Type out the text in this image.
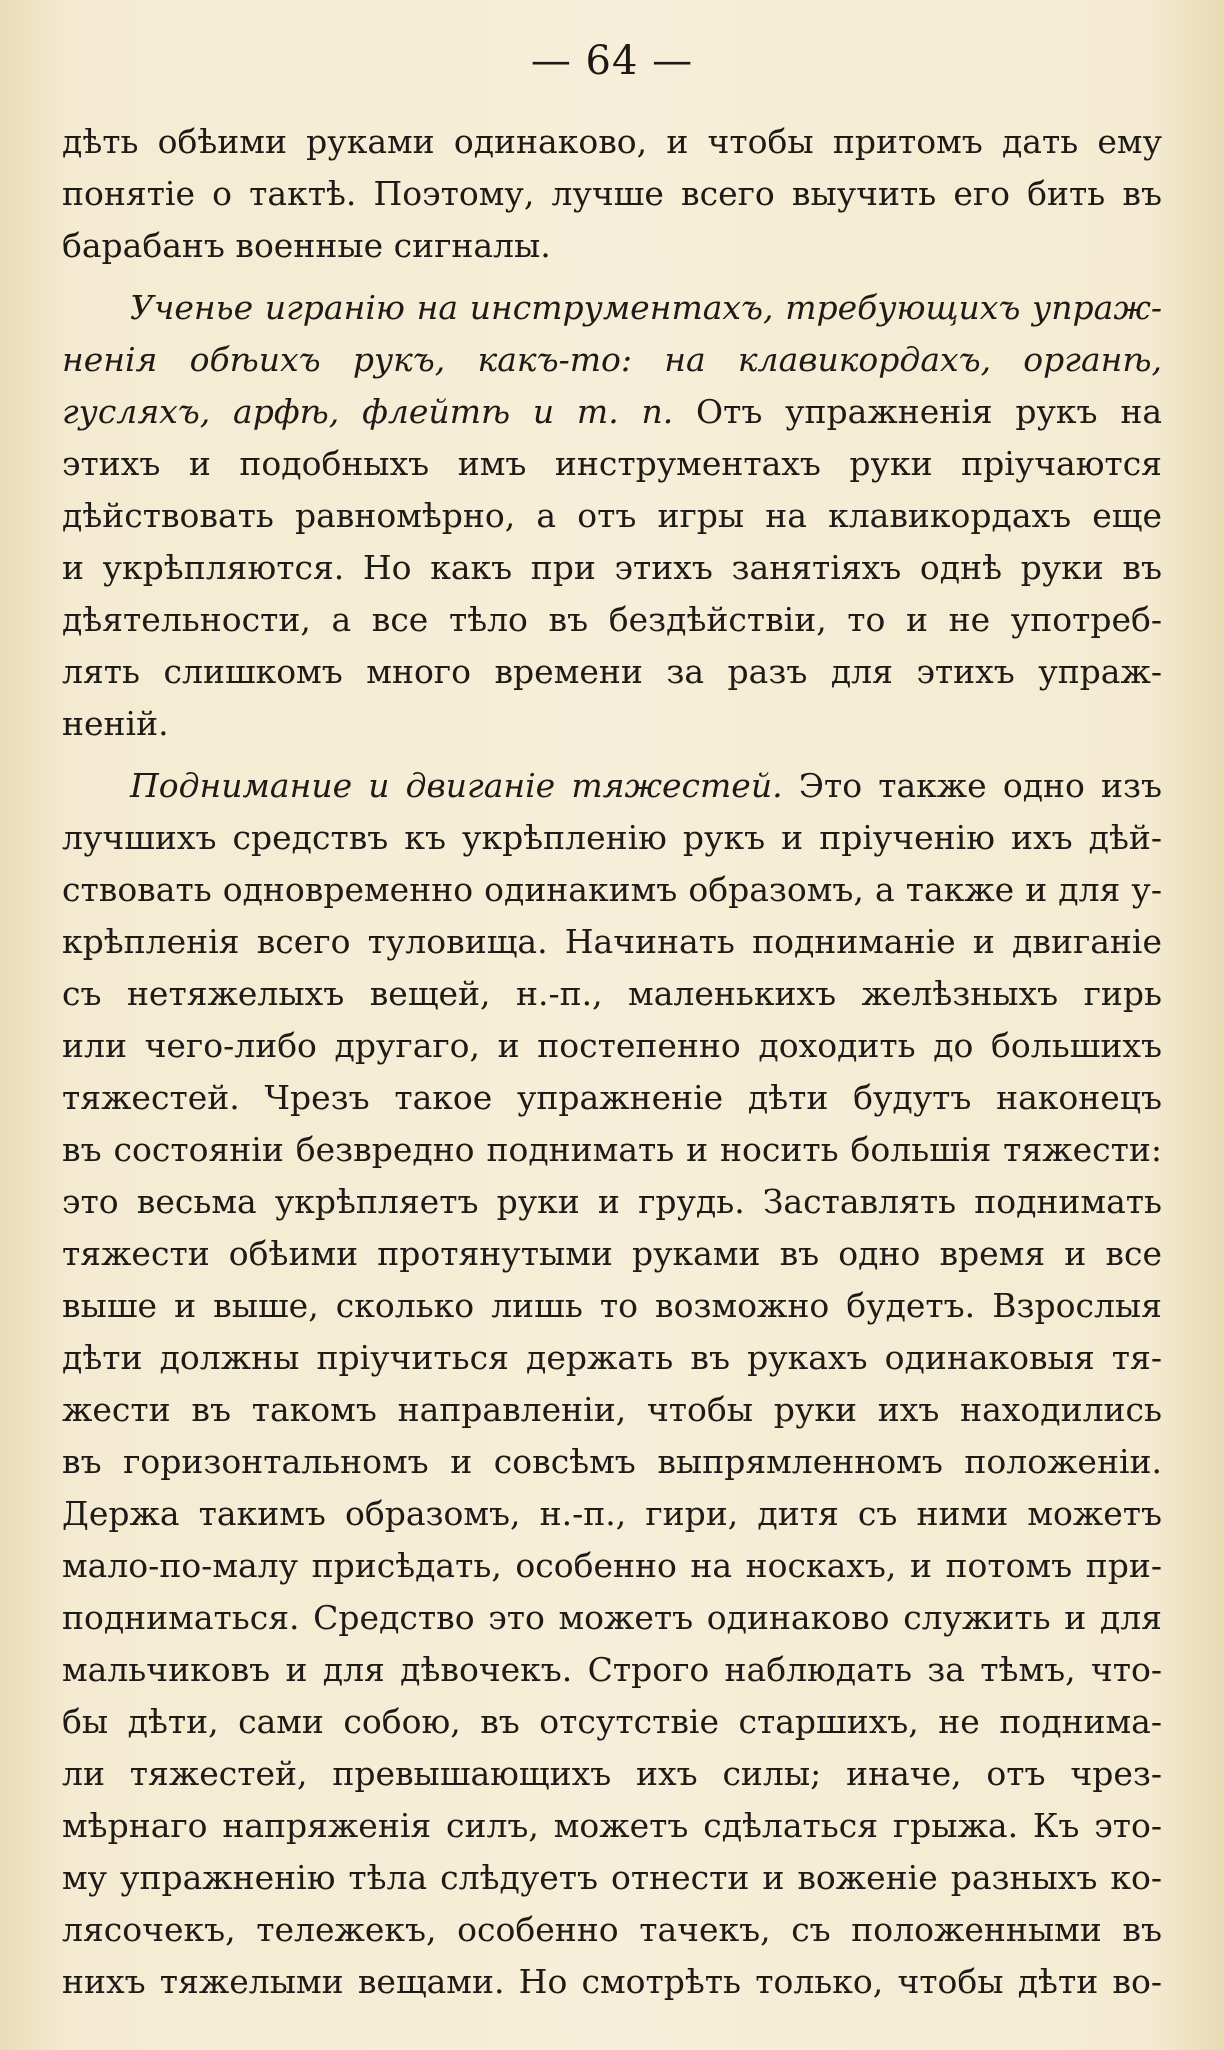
— 64 —
дѣть обѣими руками одинаково, и чтобы притомъ дать ему
понятіе о тактѣ. Поэтому, лучше всего выучить его бить въ
барабанъ военные сигналы.
Ученье игранію на инструментахъ, требующихъ упраж-
ненія обѣихъ рукъ, какъ-то: на клавикордахъ, органѣ,
гусляхъ, арфѣ, флейтѣ и т. п. Отъ упражненія рукъ на
этихъ и подобныхъ имъ инструментахъ руки пріучаются
дѣйствовать равномѣрно, а отъ игры на клавикордахъ еще
и укрѣпляются. Но какъ при этихъ занятіяхъ однѣ руки въ
дѣятельности, а все тѣло въ бездѣйствіи, то и не употреб-
лять слишкомъ много времени за разъ для этихъ упраж-
неній.
Поднимание и двиганіе тяжестей. Это также одно изъ
лучшихъ средствъ къ укрѣпленію рукъ и пріученію ихъ дѣй-
ствовать одновременно одинакимъ образомъ, а также и для у-
крѣпленія всего туловища. Начинать подниманіе и двиганіе
съ нетяжелыхъ вещей, н.-п., маленькихъ желѣзныхъ гирь
или чего-либо другаго, и постепенно доходить до большихъ
тяжестей. Чрезъ такое упражненіе дѣти будутъ наконецъ
въ состояніи безвредно поднимать и носить большія тяжести:
это весьма укрѣпляетъ руки и грудь. Заставлять поднимать
тяжести обѣими протянутыми руками въ одно время и все
выше и выше, сколько лишь то возможно будетъ. Взрослыя
дѣти должны пріучиться держать въ рукахъ одинаковыя тя-
жести въ такомъ направленіи, чтобы руки ихъ находились
въ горизонтальномъ и совсѣмъ выпрямленномъ положеніи.
Держа такимъ образомъ, н.-п., гири, дитя съ ними можетъ
мало-по-малу присѣдать, особенно на носкахъ, и потомъ при-
подниматься. Средство это можетъ одинаково служить и для
мальчиковъ и для дѣвочекъ. Строго наблюдать за тѣмъ, что-
бы дѣти, сами собою, въ отсутствіе старшихъ, не поднима-
ли тяжестей, превышающихъ ихъ силы; иначе, отъ чрез-
мѣрнаго напряженія силъ, можетъ сдѣлаться грыжа. Къ это-
му упражненію тѣла слѣдуетъ отнести и воженіе разныхъ ко-
лясочекъ, тележекъ, особенно тачекъ, съ положенными въ
нихъ тяжелыми вещами. Но смотрѣть только, чтобы дѣти во-
